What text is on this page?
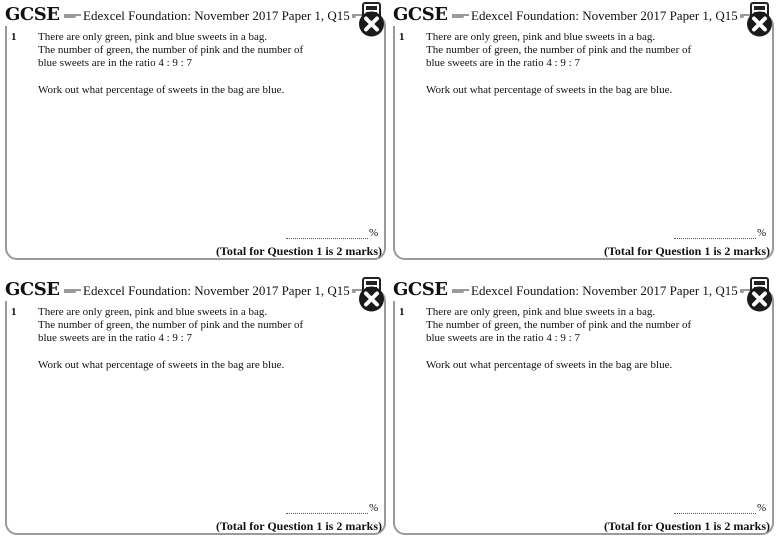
GCSE	Edexcel Foundation: November 2017 Paper 1, Q15
1 There are only green, pink and blue sweets in a bag.
The number of green, the number of pink and the number of
blue sweets are in the ratio 4 : 9 : 7
Work out what percentage of sweets in the bag are blue.
%
(Total for Question 1 is 2 marks)
GCSE	Edexcel Foundation: November 2017 Paper 1, Q15
1 There are only green, pink and blue sweets in a bag.
The number of green, the number of pink and the number of
blue sweets are in the ratio 4 : 9 : 7
Work out what percentage of sweets in the bag are blue.
%
(Total for Question 1 is 2 marks)
GCSE	Edexcel Foundation: November 2017 Paper 1, Q15
1 There are only green, pink and blue sweets in a bag.
The number of green, the number of pink and the number of
blue sweets are in the ratio 4 : 9 : 7
Work out what percentage of sweets in the bag are blue.
%
(Total for Question 1 is 2 marks)
GCSE	Edexcel Foundation: November 2017 Paper 1, Q15
1 There are only green, pink and blue sweets in a bag.
The number of green, the number of pink and the number of
blue sweets are in the ratio 4 : 9 : 7
Work out what percentage of sweets in the bag are blue.
%
(Total for Question 1 is 2 marks)
